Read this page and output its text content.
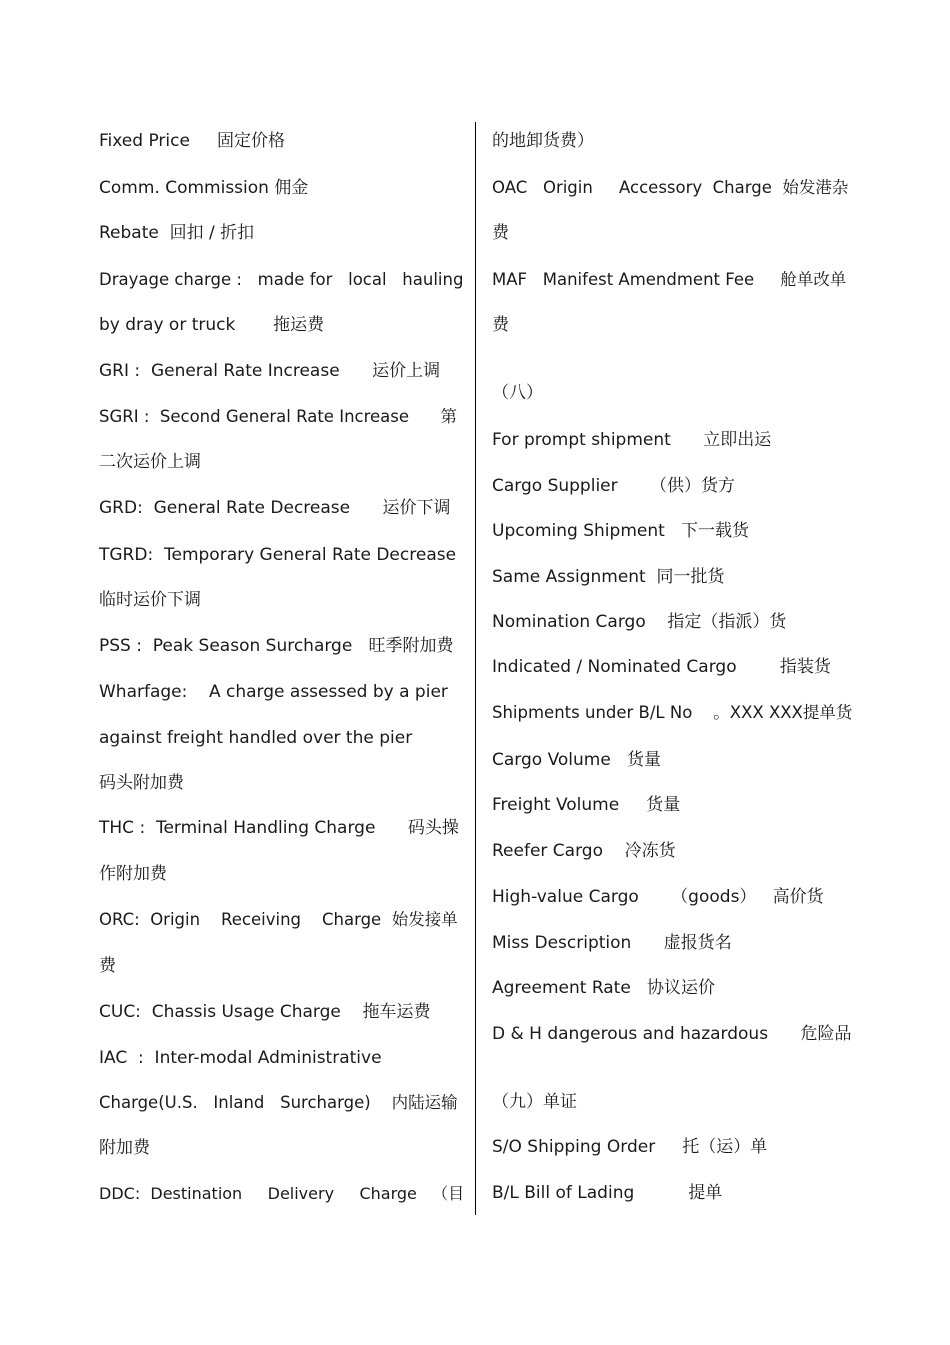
Fixed Price     固定价格
Comm. Commission 佣金
Rebate  回扣 / 折扣
Drayage charge :   made for   local   hauling
by dray or truck       拖运费
GRI :  General Rate Increase      运价上调
SGRI :  Second General Rate Increase      第
二次运价上调
GRD:  General Rate Decrease      运价下调
TGRD:  Temporary General Rate Decrease
临时运价下调
PSS :  Peak Season Surcharge   旺季附加费
Wharfage:    A charge assessed by a pier
against freight handled over the pier
码头附加费
THC :  Terminal Handling Charge      码头操
作附加费
ORC:  Origin    Receiving    Charge  始发接单
费
CUC:  Chassis Usage Charge    拖车运费
IAC  :  Inter-modal Administrative
Charge(U.S.   Inland   Surcharge)    内陆运输
附加费
DDC:  Destination     Delivery     Charge   （目
的地卸货费）
OAC   Origin     Accessory  Charge  始发港杂
费
MAF   Manifest Amendment Fee     舱单改单
费
（八）
For prompt shipment      立即出运
Cargo Supplier      （供）货方
Upcoming Shipment   下一载货
Same Assignment  同一批货
Nomination Cargo    指定（指派）货
Indicated / Nominated Cargo        指装货
Shipments under B/L No    。XXX XXX提单货
Cargo Volume   货量
Freight Volume     货量
Reefer Cargo    冷冻货
High-value Cargo      （goods）   高价货
Miss Description      虚报货名
Agreement Rate   协议运价
D & H dangerous and hazardous      危险品
（九）单证
S/O Shipping Order     托（运）单
B/L Bill of Lading          提单
